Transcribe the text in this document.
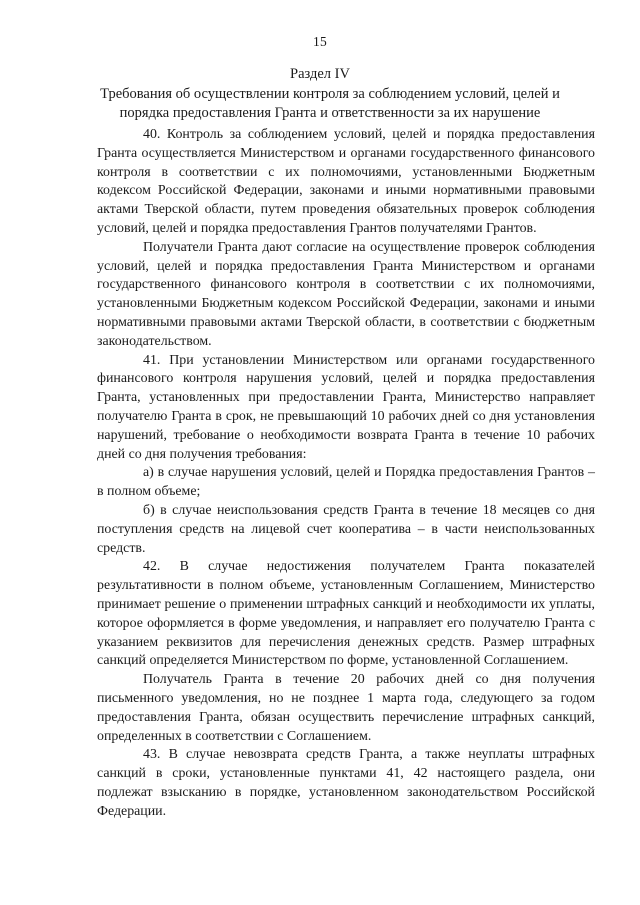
15
Раздел IV
Требования об осуществлении контроля за соблюдением условий, целей и порядка предоставления Гранта и ответственности за их нарушение

40. Контроль за соблюдением условий, целей и порядка предоставления Гранта осуществляется Министерством и органами государственного финансового контроля в соответствии с их полномочиями, установленными Бюджетным кодексом Российской Федерации, законами и иными нормативными правовыми актами Тверской области, путем проведения обязательных проверок соблюдения условий, целей и порядка предоставления Грантов получателями Грантов.

Получатели Гранта дают согласие на осуществление проверок соблюдения условий, целей и порядка предоставления Гранта Министерством и органами государственного финансового контроля в соответствии с их полномочиями, установленными Бюджетным кодексом Российской Федерации, законами и иными нормативными правовыми актами Тверской области, в соответствии с бюджетным законодательством.

41. При установлении Министерством или органами государственного финансового контроля нарушения условий, целей и порядка предоставления Гранта, установленных при предоставлении Гранта, Министерство направляет получателю Гранта в срок, не превышающий 10 рабочих дней со дня установления нарушений, требование о необходимости возврата Гранта в течение 10 рабочих дней со дня получения требования:

а) в случае нарушения условий, целей и Порядка предоставления Грантов – в полном объеме;

б) в случае неиспользования средств Гранта в течение 18 месяцев со дня поступления средств на лицевой счет кооператива – в части неиспользованных средств.

42. В случае недостижения получателем Гранта показателей результативности в полном объеме, установленным Соглашением, Министерство принимает решение о применении штрафных санкций и необходимости их уплаты, которое оформляется в форме уведомления, и направляет его получателю Гранта с указанием реквизитов для перечисления денежных средств. Размер штрафных санкций определяется Министерством по форме, установленной Соглашением.

Получатель Гранта в течение 20 рабочих дней со дня получения письменного уведомления, но не позднее 1 марта года, следующего за годом предоставления Гранта, обязан осуществить перечисление штрафных санкций, определенных в соответствии с Соглашением.

43. В случае невозврата средств Гранта, а также неуплаты штрафных санкций в сроки, установленные пунктами 41, 42 настоящего раздела, они подлежат взысканию в порядке, установленном законодательством Российской Федерации.
